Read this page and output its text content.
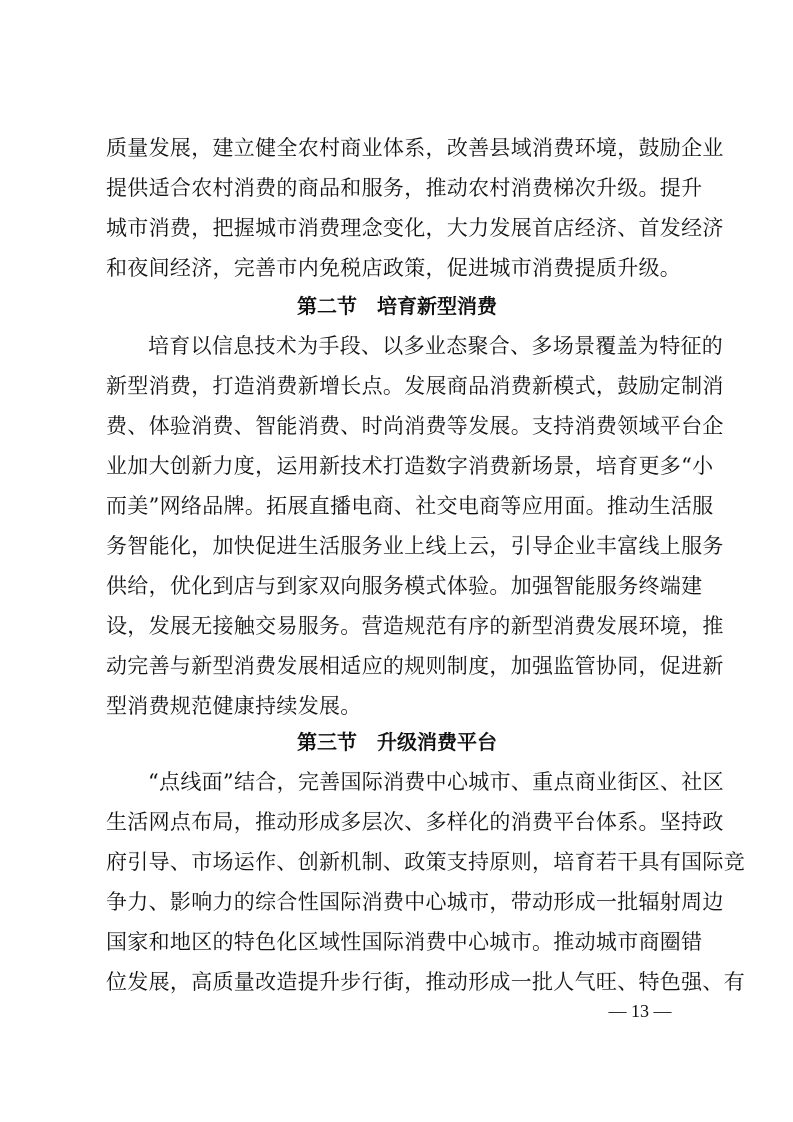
质量发展，建立健全农村商业体系，改善县域消费环境，鼓励企业
提供适合农村消费的商品和服务，推动农村消费梯次升级。提升
城市消费，把握城市消费理念变化，大力发展首店经济、首发经济
和夜间经济，完善市内免税店政策，促进城市消费提质升级。
第二节　培育新型消费
培育以信息技术为手段、以多业态聚合、多场景覆盖为特征的
新型消费，打造消费新增长点。发展商品消费新模式，鼓励定制消
费、体验消费、智能消费、时尚消费等发展。支持消费领域平台企
业加大创新力度，运用新技术打造数字消费新场景，培育更多“小
而美”网络品牌。拓展直播电商、社交电商等应用面。推动生活服
务智能化，加快促进生活服务业上线上云，引导企业丰富线上服务
供给，优化到店与到家双向服务模式体验。加强智能服务终端建
设，发展无接触交易服务。营造规范有序的新型消费发展环境，推
动完善与新型消费发展相适应的规则制度，加强监管协同，促进新
型消费规范健康持续发展。
第三节　升级消费平台
“点线面”结合，完善国际消费中心城市、重点商业街区、社区
生活网点布局，推动形成多层次、多样化的消费平台体系。坚持政
府引导、市场运作、创新机制、政策支持原则，培育若干具有国际竞
争力、影响力的综合性国际消费中心城市，带动形成一批辐射周边
国家和地区的特色化区域性国际消费中心城市。推动城市商圈错
位发展，高质量改造提升步行街，推动形成一批人气旺、特色强、有
— 13 —
